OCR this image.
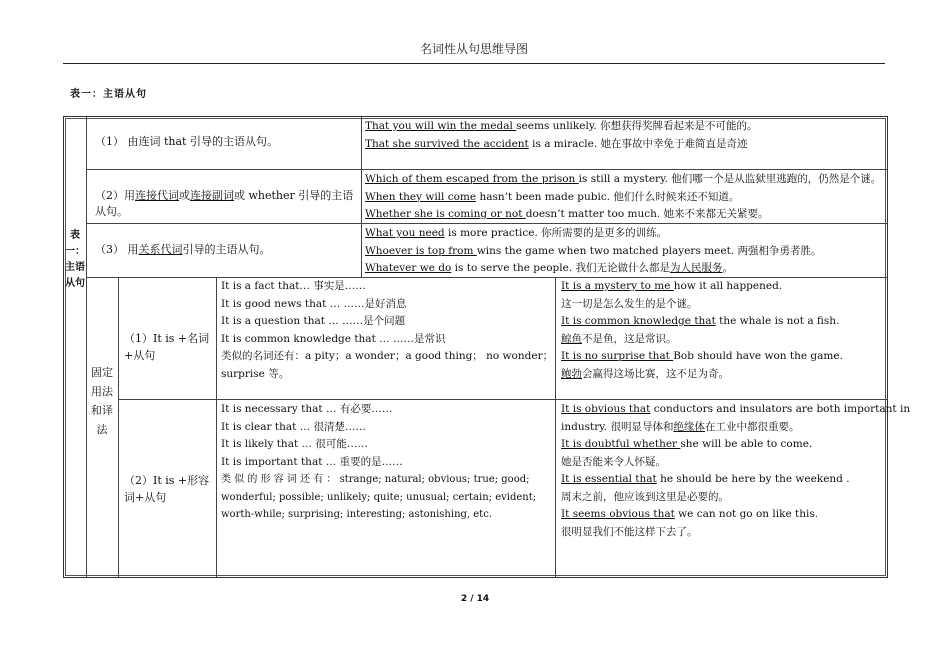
名词性从句思维导图
表一：主语从句
表一：主语从句
（1） 由连词 that 引导的主语从句。

That you will win the medal seems unlikely. 你想获得奖牌看起来是不可能的。

That she survived the accident is a miracle. 她在事故中幸免于难简直是奇迹

（2）用连接代词或连接副词或 whether 引导的主语从句。

Which of them escaped from the prison is still a mystery. 他们哪一个是从监狱里逃跑的，仍然是个谜。

When they will come hasn’t been made pubic. 他们什么时候来还不知道。

Whether she is coming or not doesn’t matter too much. 她来不来都无关紧要。

（3） 用关系代词引导的主语从句。

What you need is more practice. 你所需要的是更多的训练。

Whoever is top from wins the game when two matched players meet. 两强相争勇者胜。

Whatever we do is to serve the people. 我们无论做什么都是为人民服务。

固定用法和译法
（1）It is +名词+从句

It is a fact that… 事实是……

It is good news that … ……是好消息

It is a question that … ……是个问题

It is common knowledge that … ……是常识

类似的名词还有：a pity；a wonder；a good thing； no wonder；

surprise 等。

It is a mystery to me how it all happened.

这一切是怎么发生的是个谜。

It is common knowledge that the whale is not a fish.

鲸鱼不是鱼，这是常识。

It is no surprise that Bob should have won the game.

鲍勃会赢得这场比赛，这不足为奇。

（2）It is +形容词+从句

It is necessary that … 有必要……

It is clear that … 很清楚……

It is likely that … 很可能……

It is important that … 重要的是……

类 似 的 形 容 词 还 有 ： strange; natural; obvious; true; good;

wonderful; possible; unlikely; quite; unusual; certain; evident;

worth-while; surprising; interesting; astonishing, etc.

It is obvious that conductors and insulators are both important in

industry. 很明显导体和绝缘体在工业中都很重要。

It is doubtful whether she will be able to come.

她是否能来令人怀疑。

It is essential that he should be here by the weekend .

周末之前，他应该到这里是必要的。

It seems obvious that we can not go on like this.

很明显我们不能这样下去了。

2 / 14
